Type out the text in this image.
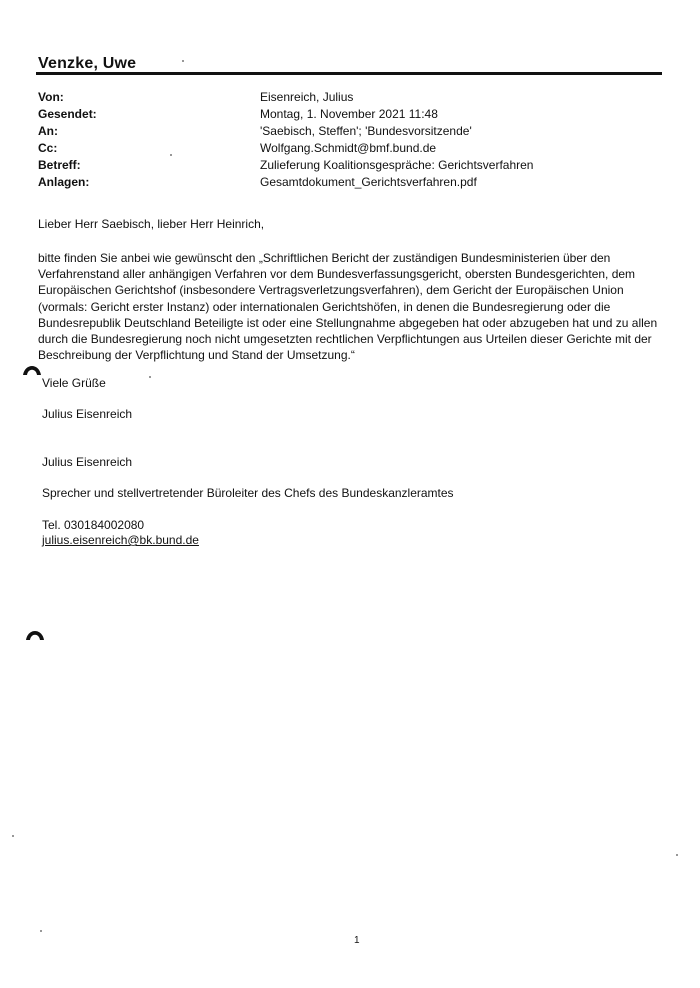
Venzke, Uwe
Von:	Eisenreich, Julius
Gesendet:	Montag, 1. November 2021 11:48
An:	'Saebisch, Steffen'; 'Bundesvorsitzende'
Cc:	Wolfgang.Schmidt@bmf.bund.de
Betreff:	Zulieferung Koalitionsgespräche: Gerichtsverfahren
Anlagen:	Gesamtdokument_Gerichtsverfahren.pdf
Lieber Herr Saebisch, lieber Herr Heinrich,
bitte finden Sie anbei wie gewünscht den „Schriftlichen Bericht der zuständigen Bundesministerien über den Verfahrenstand aller anhängigen Verfahren vor dem Bundesverfassungsgericht, obersten Bundesgerichten, dem Europäischen Gerichtshof (insbesondere Vertragsverletzungsverfahren), dem Gericht der Europäischen Union (vormals: Gericht erster Instanz) oder internationalen Gerichtshöfen, in denen die Bundesregierung oder die Bundesrepublik Deutschland Beteiligte ist oder eine Stellungnahme abgegeben hat oder abzugeben hat und zu allen durch die Bundesregierung noch nicht umgesetzten rechtlichen Verpflichtungen aus Urteilen dieser Gerichte mit der Beschreibung der Verpflichtung und Stand der Umsetzung.“
Viele Grüße
Julius Eisenreich
Julius Eisenreich
Sprecher und stellvertretender Büroleiter des Chefs des Bundeskanzleramtes
Tel. 030184002080
julius.eisenreich@bk.bund.de
1
